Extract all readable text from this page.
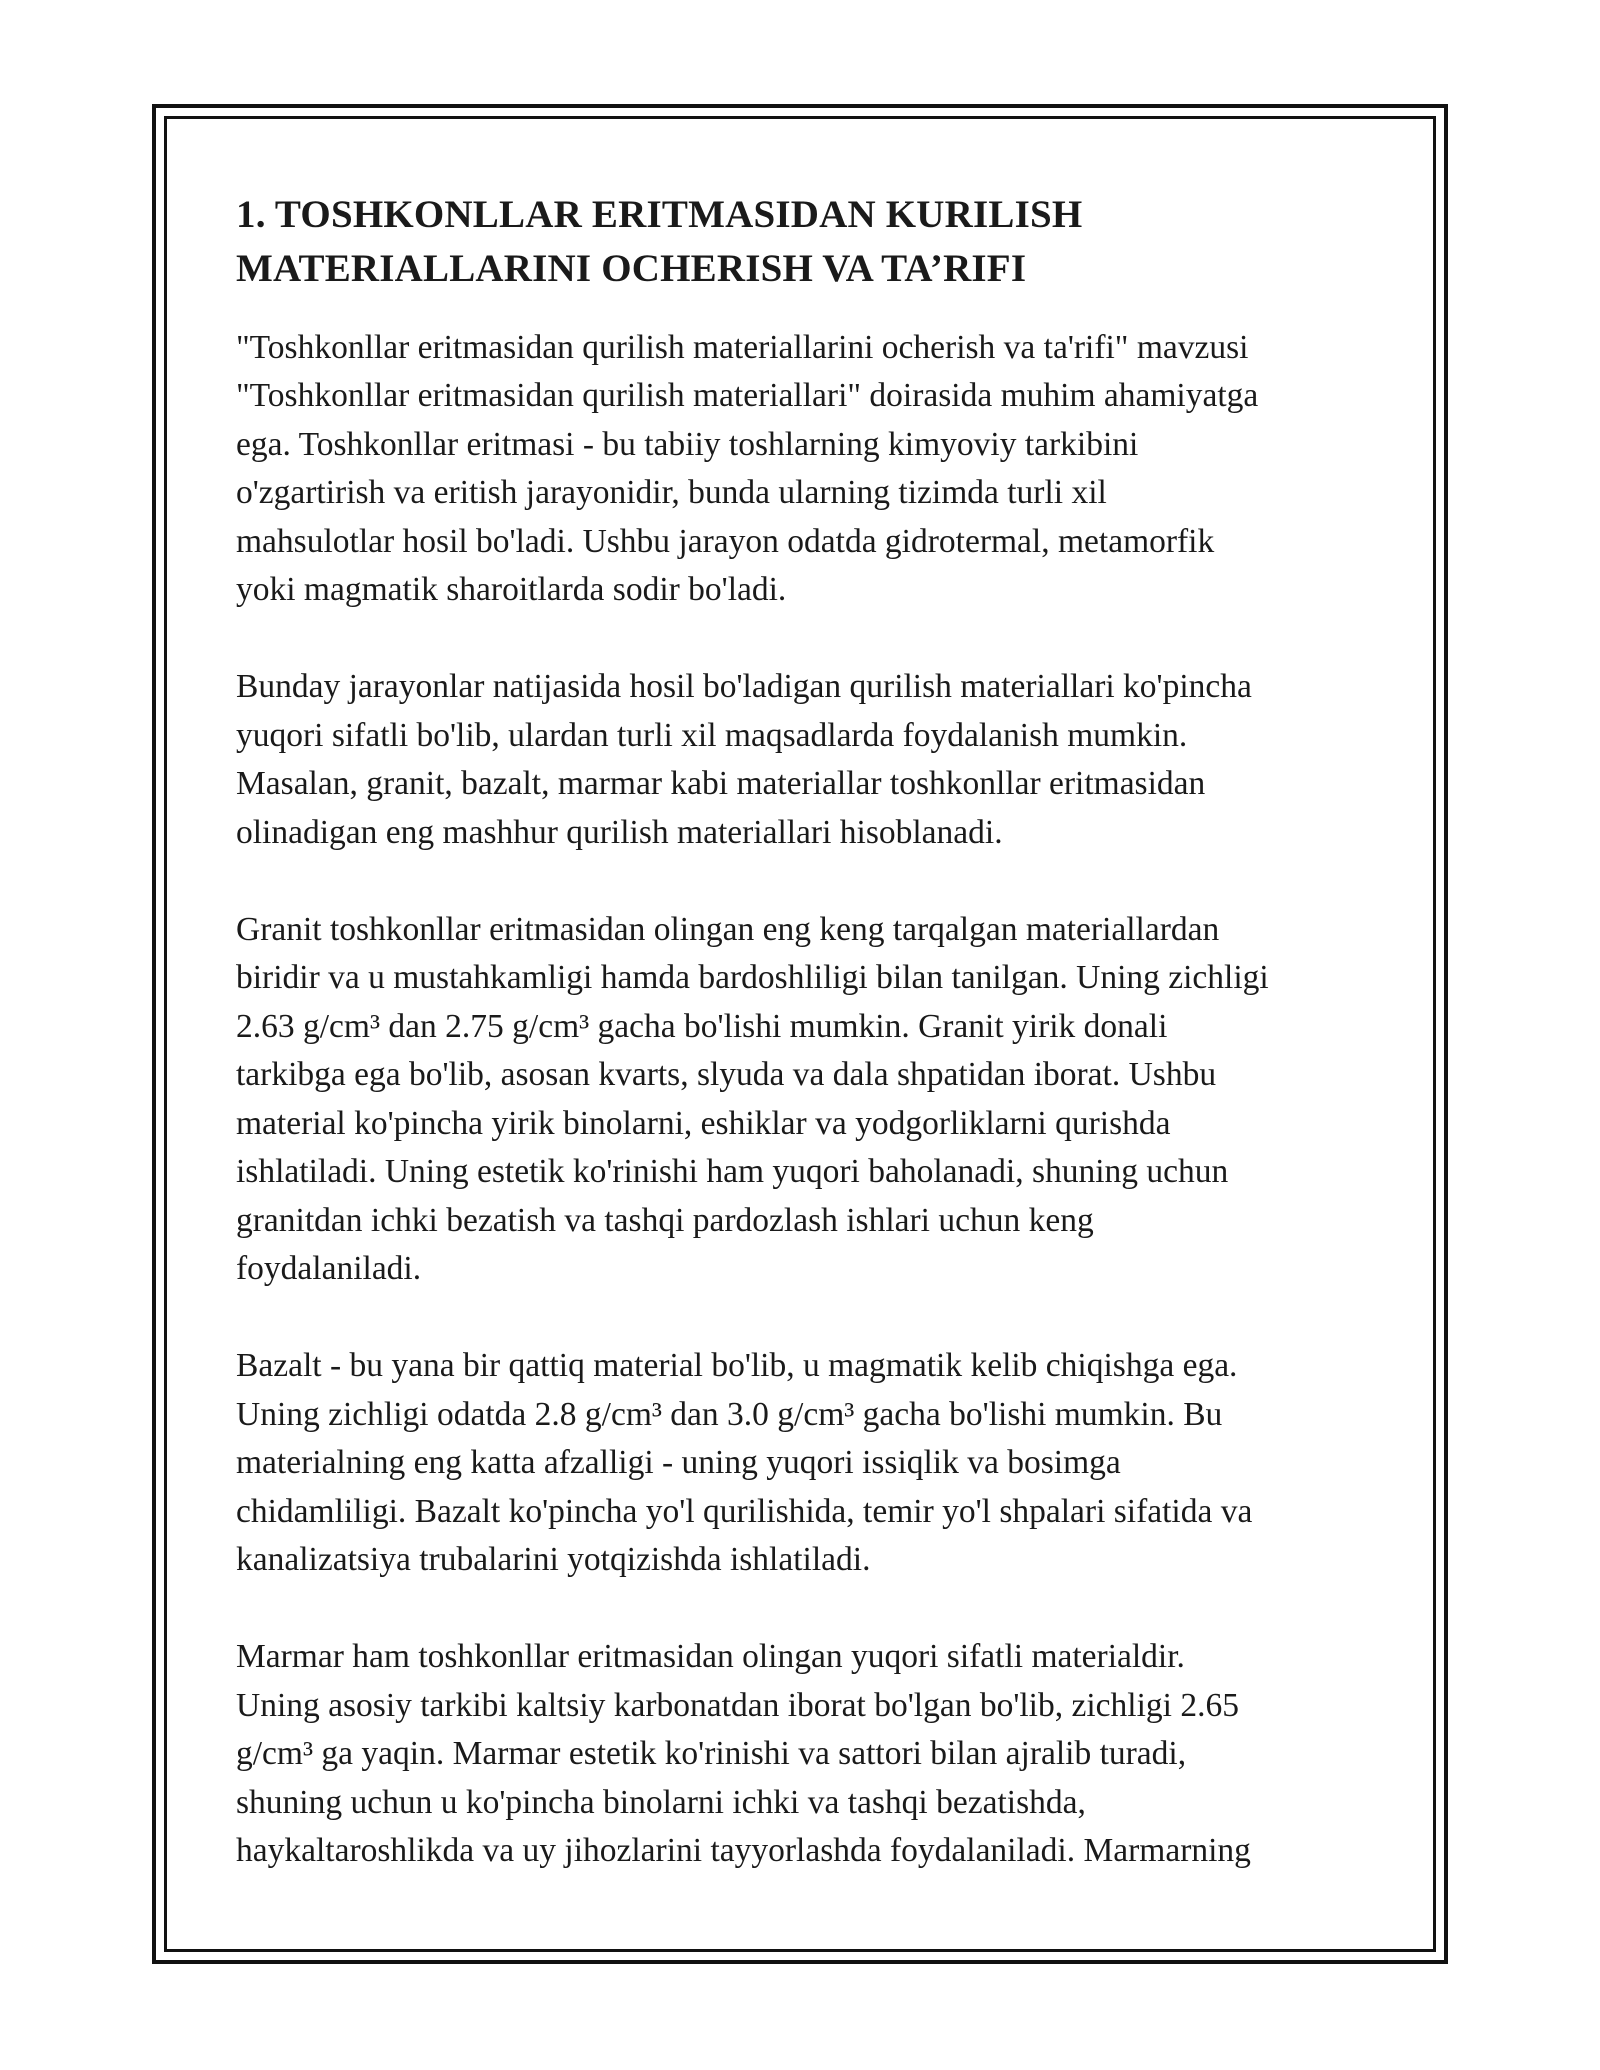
1. TOSHKONLLAR ERITMASIDAN KURILISH
MATERIALLARINI OCHERISH VA TA’RIFI

"Toshkonllar eritmasidan qurilish materiallarini ocherish va ta'rifi" mavzusi
"Toshkonllar eritmasidan qurilish materiallari" doirasida muhim ahamiyatga
ega. Toshkonllar eritmasi - bu tabiiy toshlarning kimyoviy tarkibini
o'zgartirish va eritish jarayonidir, bunda ularning tizimda turli xil
mahsulotlar hosil bo'ladi. Ushbu jarayon odatda gidrotermal, metamorfik
yoki magmatik sharoitlarda sodir bo'ladi.

Bunday jarayonlar natijasida hosil bo'ladigan qurilish materiallari ko'pincha
yuqori sifatli bo'lib, ulardan turli xil maqsadlarda foydalanish mumkin.
Masalan, granit, bazalt, marmar kabi materiallar toshkonllar eritmasidan
olinadigan eng mashhur qurilish materiallari hisoblanadi.

Granit toshkonllar eritmasidan olingan eng keng tarqalgan materiallardan
biridir va u mustahkamligi hamda bardoshliligi bilan tanilgan. Uning zichligi
2.63 g/cm³ dan 2.75 g/cm³ gacha bo'lishi mumkin. Granit yirik donali
tarkibga ega bo'lib, asosan kvarts, slyuda va dala shpatidan iborat. Ushbu
material ko'pincha yirik binolarni, eshiklar va yodgorliklarni qurishda
ishlatiladi. Uning estetik ko'rinishi ham yuqori baholanadi, shuning uchun
granitdan ichki bezatish va tashqi pardozlash ishlari uchun keng
foydalaniladi.

Bazalt - bu yana bir qattiq material bo'lib, u magmatik kelib chiqishga ega.
Uning zichligi odatda 2.8 g/cm³ dan 3.0 g/cm³ gacha bo'lishi mumkin. Bu
materialning eng katta afzalligi - uning yuqori issiqlik va bosimga
chidamliligi. Bazalt ko'pincha yo'l qurilishida, temir yo'l shpalari sifatida va
kanalizatsiya trubalarini yotqizishda ishlatiladi.

Marmar ham toshkonllar eritmasidan olingan yuqori sifatli materialdir.
Uning asosiy tarkibi kaltsiy karbonatdan iborat bo'lgan bo'lib, zichligi 2.65
g/cm³ ga yaqin. Marmar estetik ko'rinishi va sattori bilan ajralib turadi,
shuning uchun u ko'pincha binolarni ichki va tashqi bezatishda,
haykaltaroshlikda va uy jihozlarini tayyorlashda foydalaniladi. Marmarning
